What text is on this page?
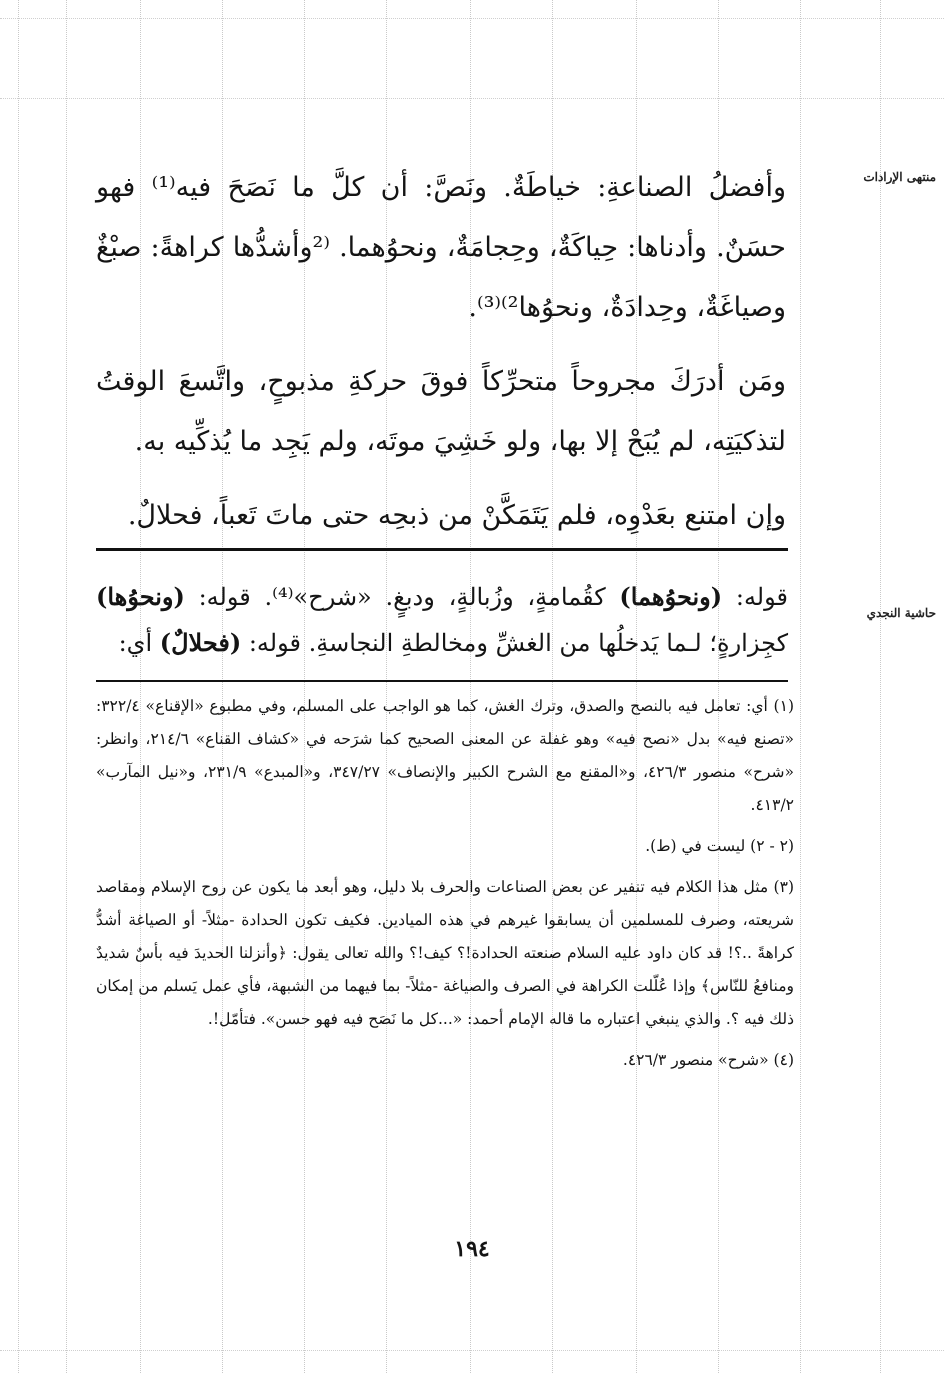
منتهى الإرادات
حاشية النجدي

وأفضلُ الصناعةِ: خياطَةٌ. ونَصَّ: أن كلَّ ما نَصَحَ فيه⁽¹⁾ فهو حسَنٌ. وأدناها: حِياكَةٌ، وحِجامَةٌ، ونحوُهما. ⁽²وأشدُّها كراهةً: صبْغٌ وصياغَةٌ، وحِدادَةٌ، ونحوُها²⁾⁽³⁾.

ومَن أدرَكَ مجروحاً متحرِّكاً فوقَ حركةِ مذبوحٍ، واتَّسعَ الوقتُ لتذكيَتِه، لم يُبَحْ إلا بها، ولو خَشِيَ موتَه، ولم يَجِد ما يُذكِّيه به.

وإن امتنع بعَدْوِه، فلم يَتَمَكَّنْ من ذبحِه حتى ماتَ تَعباً، فحلالٌ.

قوله: (ونحوُهما) كقُمامةٍ، وزُبالةٍ، ودبغٍ. «شرح»⁽⁴⁾. قوله: (ونحوُها) كجِزارةٍ؛ لـما يَدخلُها من الغشِّ ومخالطةِ النجاسةِ. قوله: (فحلالٌ) أي:

(١) أي: تعامل فيه بالنصح والصدق، وترك الغش، كما هو الواجب على المسلم، وفي مطبوع «الإقناع» ٣٢٢/٤: «تصنع فيه» بدل «نصح فيه» وهو غفلة عن المعنى الصحيح كما شرَحه في «كشاف القناع» ٢١٤/٦، وانظر: «شرح» منصور ٤٢٦/٣، و«المقنع مع الشرح الكبير والإنصاف» ٣٤٧/٢٧، و«المبدع» ٢٣١/٩، و«نيل المآرب» ٤١٣/٢.

(٢ - ٢) ليست في (ط).

(٣) مثل هذا الكلام فيه تنفير عن بعض الصناعات والحرف بلا دليل، وهو أبعد ما يكون عن روح الإسلام ومقاصد شريعته، وصرف للمسلمين أن يسابقوا غيرهم في هذه الميادين. فكيف تكون الحدادة -مثلاً- أو الصياغة أشدُّ كراهةً ..؟! قد كان داود عليه السلام صنعته الحدادة!؟ كيف!؟ والله تعالى يقول: ﴿وأنزلنا الحديدَ فيه بأسٌ شديدٌ ومنافعُ للنّاس﴾ وإذا عُلّلت الكراهة في الصرف والصياغة -مثلاً- بما فيهما من الشبهة، فأي عمل يَسلم من إمكان ذلك فيه ؟. والذي ينبغي اعتباره ما قاله الإمام أحمد: «...كل ما نَصَح فيه فهو حسن». فتأمّل!.

(٤) «شرح» منصور ٤٢٦/٣.

١٩٤
